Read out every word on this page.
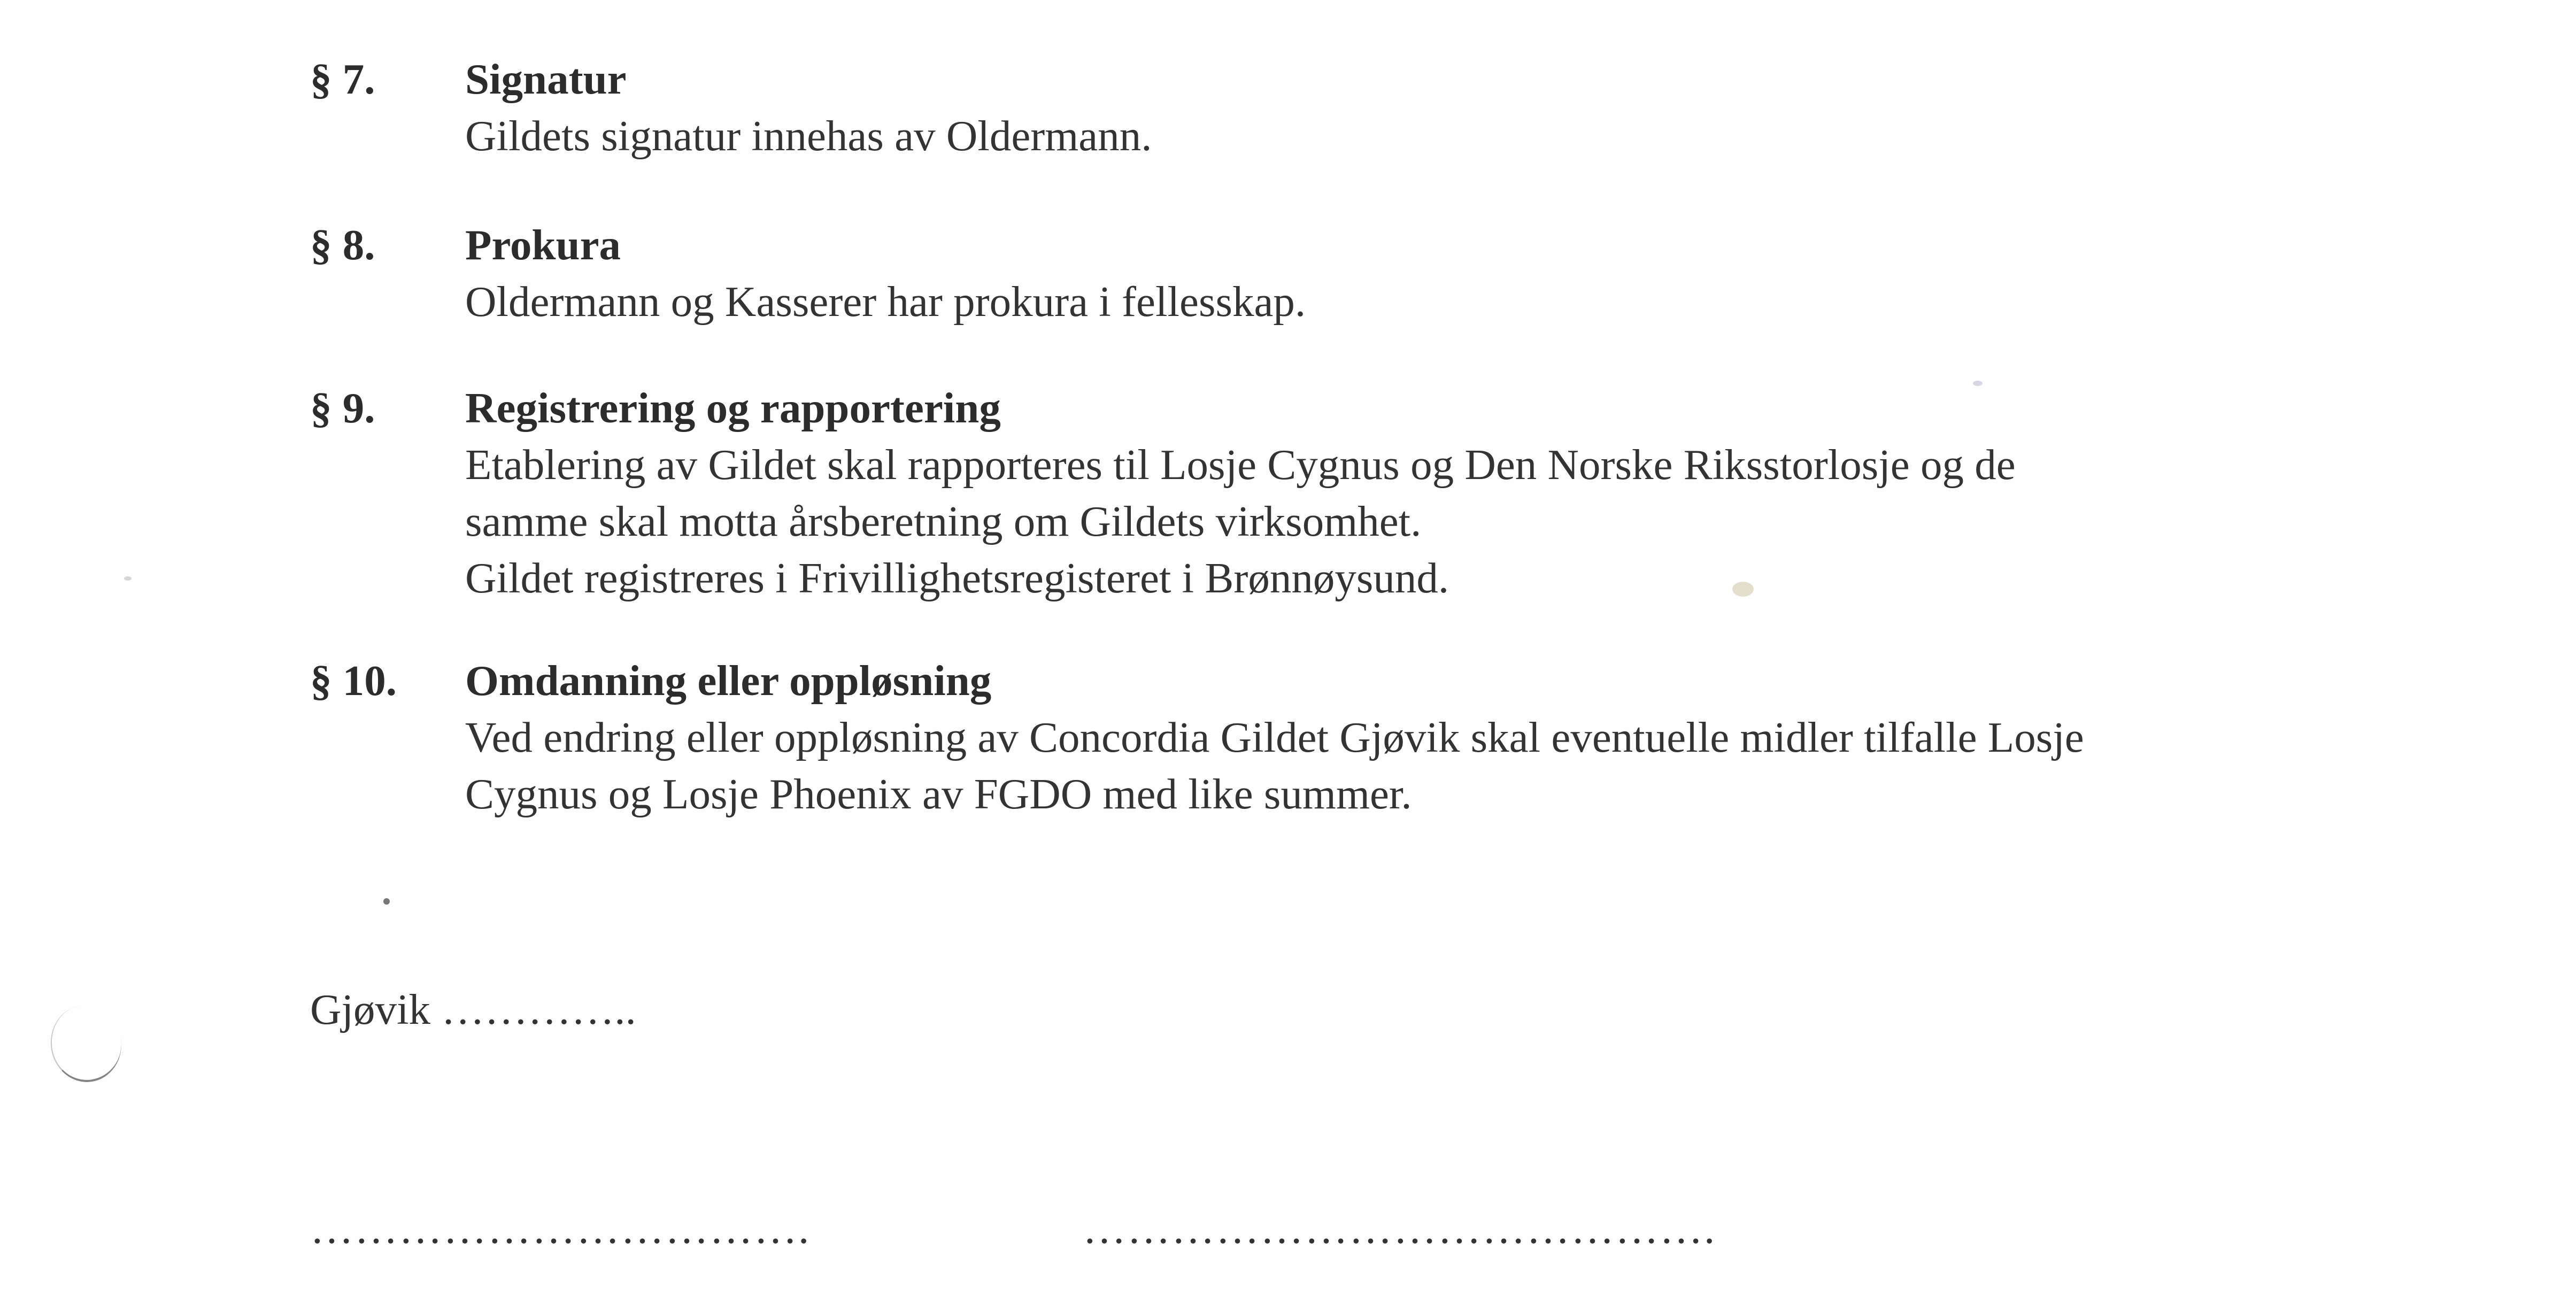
§ 7. Signatur
Gildets signatur innehas av Oldermann.
§ 8. Prokura
Oldermann og Kasserer har prokura i fellesskap.
§ 9. Registrering og rapportering
Etablering av Gildet skal rapporteres til Losje Cygnus og Den Norske Riksstorlosje og de
samme skal motta årsberetning om Gildets virksomhet.
Gildet registreres i Frivillighetsregisteret i Brønnøysund.
§ 10. Omdanning eller oppløsning
Ved endring eller oppløsning av Concordia Gildet Gjøvik skal eventuelle midler tilfalle Losje
Cygnus og Losje Phoenix av FGDO med like summer.
Gjøvik …………..
…………………………….	…………………………………….
